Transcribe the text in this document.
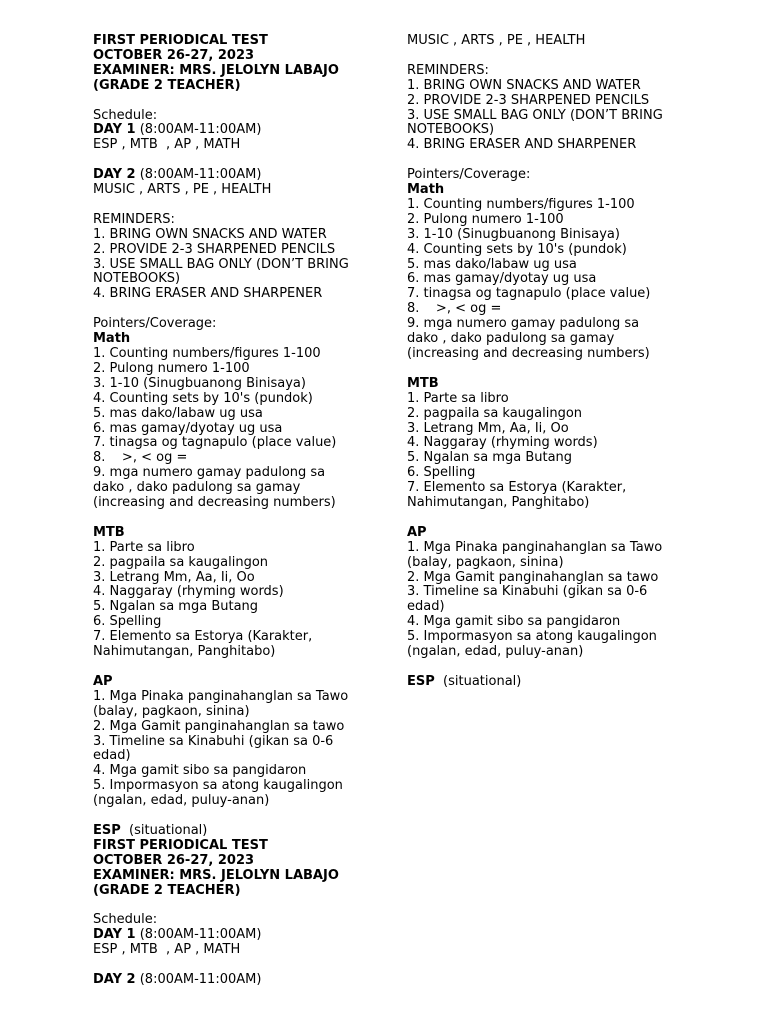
FIRST PERIODICAL TEST
OCTOBER 26-27, 2023
EXAMINER: MRS. JELOLYN LABAJO
(GRADE 2 TEACHER)
Schedule:
DAY 1 (8:00AM-11:00AM)
ESP , MTB  , AP , MATH
DAY 2 (8:00AM-11:00AM)
MUSIC , ARTS , PE , HEALTH
REMINDERS:
1. BRING OWN SNACKS AND WATER
2. PROVIDE 2-3 SHARPENED PENCILS
3. USE SMALL BAG ONLY (DON’T BRING
NOTEBOOKS)
4. BRING ERASER AND SHARPENER
Pointers/Coverage:
Math
1. Counting numbers/figures 1-100
2. Pulong numero 1-100
3. 1-10 (Sinugbuanong Binisaya)
4. Counting sets by 10's (pundok)
5. mas dako/labaw ug usa
6. mas gamay/dyotay ug usa
7. tinagsa og tagnapulo (place value)
8.    >, < og =
9. mga numero gamay padulong sa
dako , dako padulong sa gamay
(increasing and decreasing numbers)
MTB
1. Parte sa libro
2. pagpaila sa kaugalingon
3. Letrang Mm, Aa, Ii, Oo
4. Naggaray (rhyming words)
5. Ngalan sa mga Butang
6. Spelling
7. Elemento sa Estorya (Karakter,
Nahimutangan, Panghitabo)
AP
1. Mga Pinaka panginahanglan sa Tawo
(balay, pagkaon, sinina)
2. Mga Gamit panginahanglan sa tawo
3. Timeline sa Kinabuhi (gikan sa 0-6
edad)
4. Mga gamit sibo sa pangidaron
5. Impormasyon sa atong kaugalingon
(ngalan, edad, puluy-anan)
ESP  (situational)
FIRST PERIODICAL TEST
OCTOBER 26-27, 2023
EXAMINER: MRS. JELOLYN LABAJO
(GRADE 2 TEACHER)
Schedule:
DAY 1 (8:00AM-11:00AM)
ESP , MTB  , AP , MATH
DAY 2 (8:00AM-11:00AM)
MUSIC , ARTS , PE , HEALTH
REMINDERS:
1. BRING OWN SNACKS AND WATER
2. PROVIDE 2-3 SHARPENED PENCILS
3. USE SMALL BAG ONLY (DON’T BRING
NOTEBOOKS)
4. BRING ERASER AND SHARPENER
Pointers/Coverage:
Math
1. Counting numbers/figures 1-100
2. Pulong numero 1-100
3. 1-10 (Sinugbuanong Binisaya)
4. Counting sets by 10's (pundok)
5. mas dako/labaw ug usa
6. mas gamay/dyotay ug usa
7. tinagsa og tagnapulo (place value)
8.    >, < og =
9. mga numero gamay padulong sa
dako , dako padulong sa gamay
(increasing and decreasing numbers)
MTB
1. Parte sa libro
2. pagpaila sa kaugalingon
3. Letrang Mm, Aa, Ii, Oo
4. Naggaray (rhyming words)
5. Ngalan sa mga Butang
6. Spelling
7. Elemento sa Estorya (Karakter,
Nahimutangan, Panghitabo)
AP
1. Mga Pinaka panginahanglan sa Tawo
(balay, pagkaon, sinina)
2. Mga Gamit panginahanglan sa tawo
3. Timeline sa Kinabuhi (gikan sa 0-6
edad)
4. Mga gamit sibo sa pangidaron
5. Impormasyon sa atong kaugalingon
(ngalan, edad, puluy-anan)
ESP  (situational)
